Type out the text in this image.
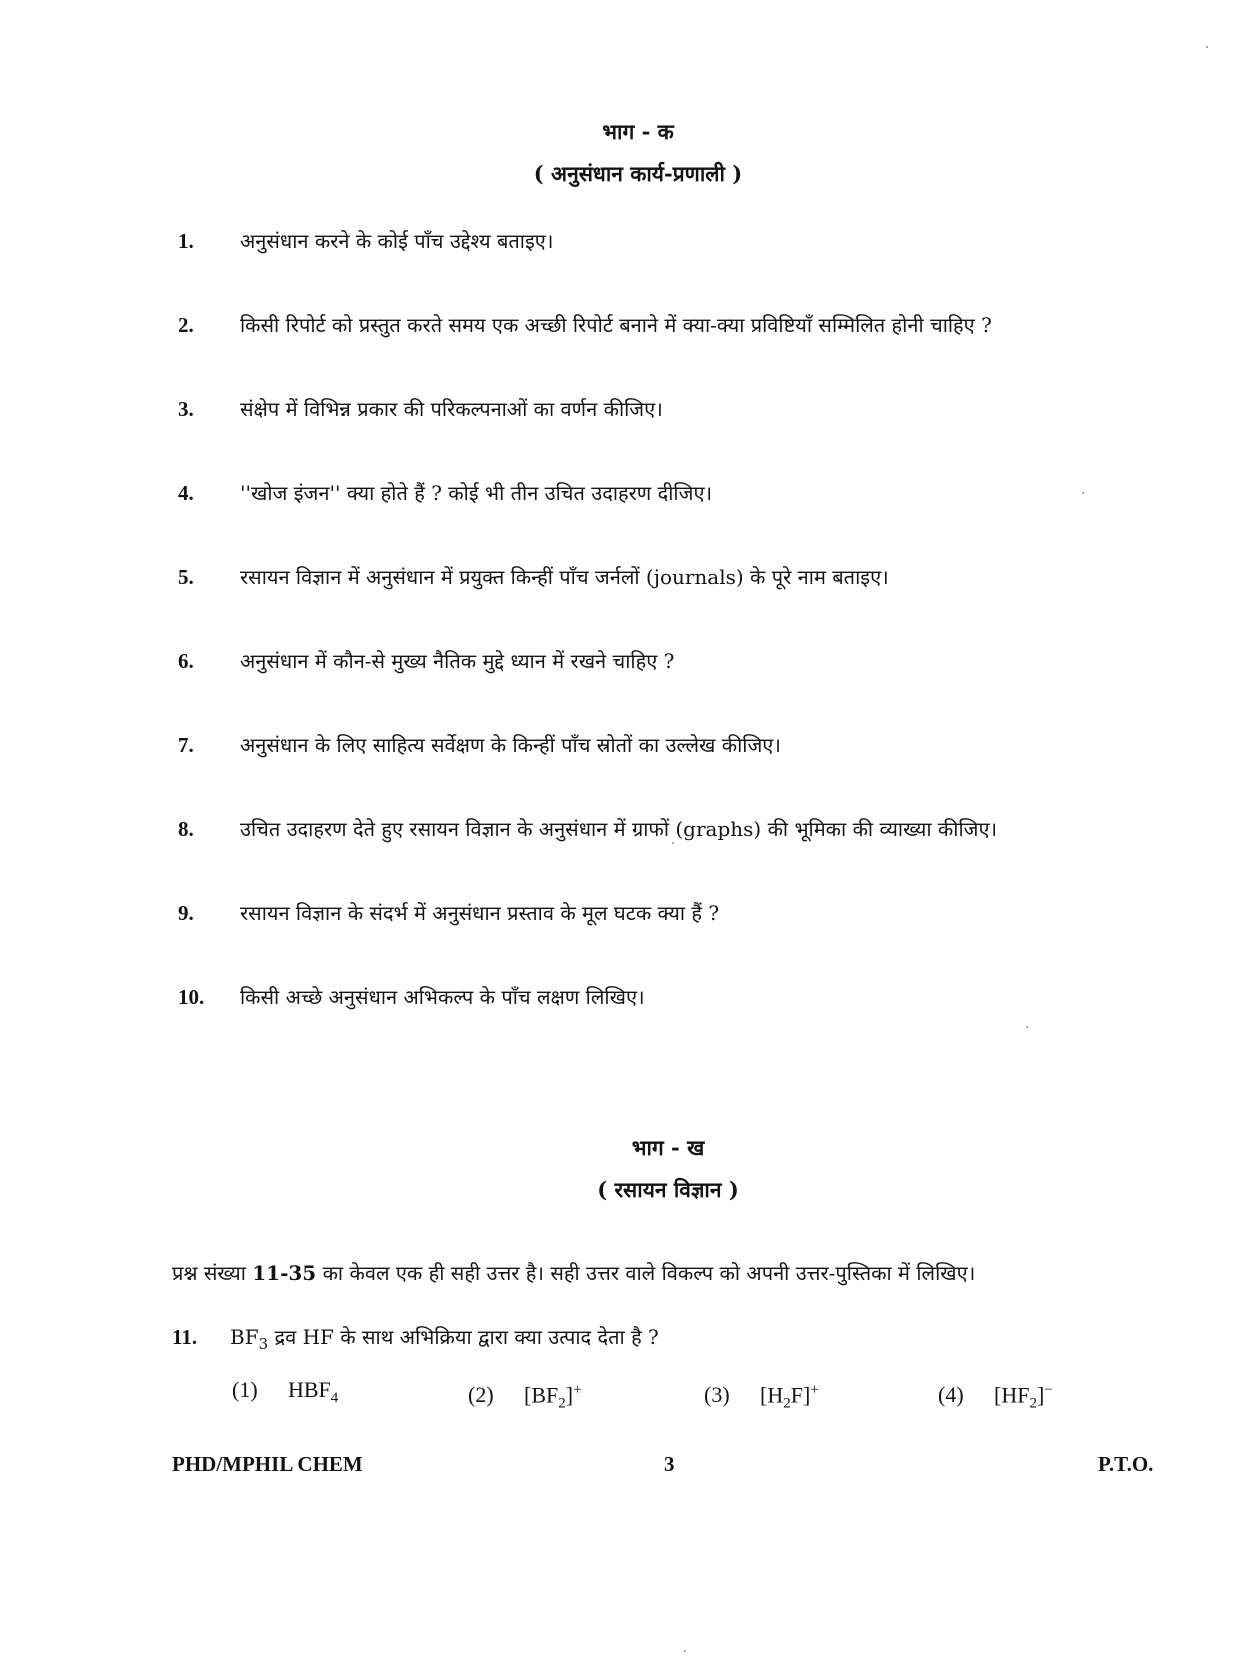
भाग - क
( अनुसंधान कार्य-प्रणाली )
1. अनुसंधान करने के कोई पाँच उद्देश्य बताइए।
2. किसी रिपोर्ट को प्रस्तुत करते समय एक अच्छी रिपोर्ट बनाने में क्या-क्या प्रविष्टियाँ सम्मिलित होनी चाहिए ?
3. संक्षेप में विभिन्न प्रकार की परिकल्पनाओं का वर्णन कीजिए।
4. ''खोज इंजन'' क्या होते हैं ? कोई भी तीन उचित उदाहरण दीजिए।
5. रसायन विज्ञान में अनुसंधान में प्रयुक्त किन्हीं पाँच जर्नलों (journals) के पूरे नाम बताइए।
6. अनुसंधान में कौन-से मुख्य नैतिक मुद्दे ध्यान में रखने चाहिए ?
7. अनुसंधान के लिए साहित्य सर्वेक्षण के किन्हीं पाँच स्रोतों का उल्लेख कीजिए।
8. उचित उदाहरण देते हुए रसायन विज्ञान के अनुसंधान में ग्राफों (graphs) की भूमिका की व्याख्या कीजिए।
9. रसायन विज्ञान के संदर्भ में अनुसंधान प्रस्ताव के मूल घटक क्या हैं ?
10. किसी अच्छे अनुसंधान अभिकल्प के पाँच लक्षण लिखिए।
भाग - ख
( रसायन विज्ञान )
प्रश्न संख्या 11-35 का केवल एक ही सही उत्तर है। सही उत्तर वाले विकल्प को अपनी उत्तर-पुस्तिका में लिखिए।
11. $BF_3$ द्रव HF के साथ अभिक्रिया द्वारा क्या उत्पाद देता है ?
(1) $HBF_4$	(2) $[BF_2]^+$	(3) $[H_2F]^+$	(4) $[HF_2]^-$
PHD/MPHIL CHEM	3	P.T.O.
